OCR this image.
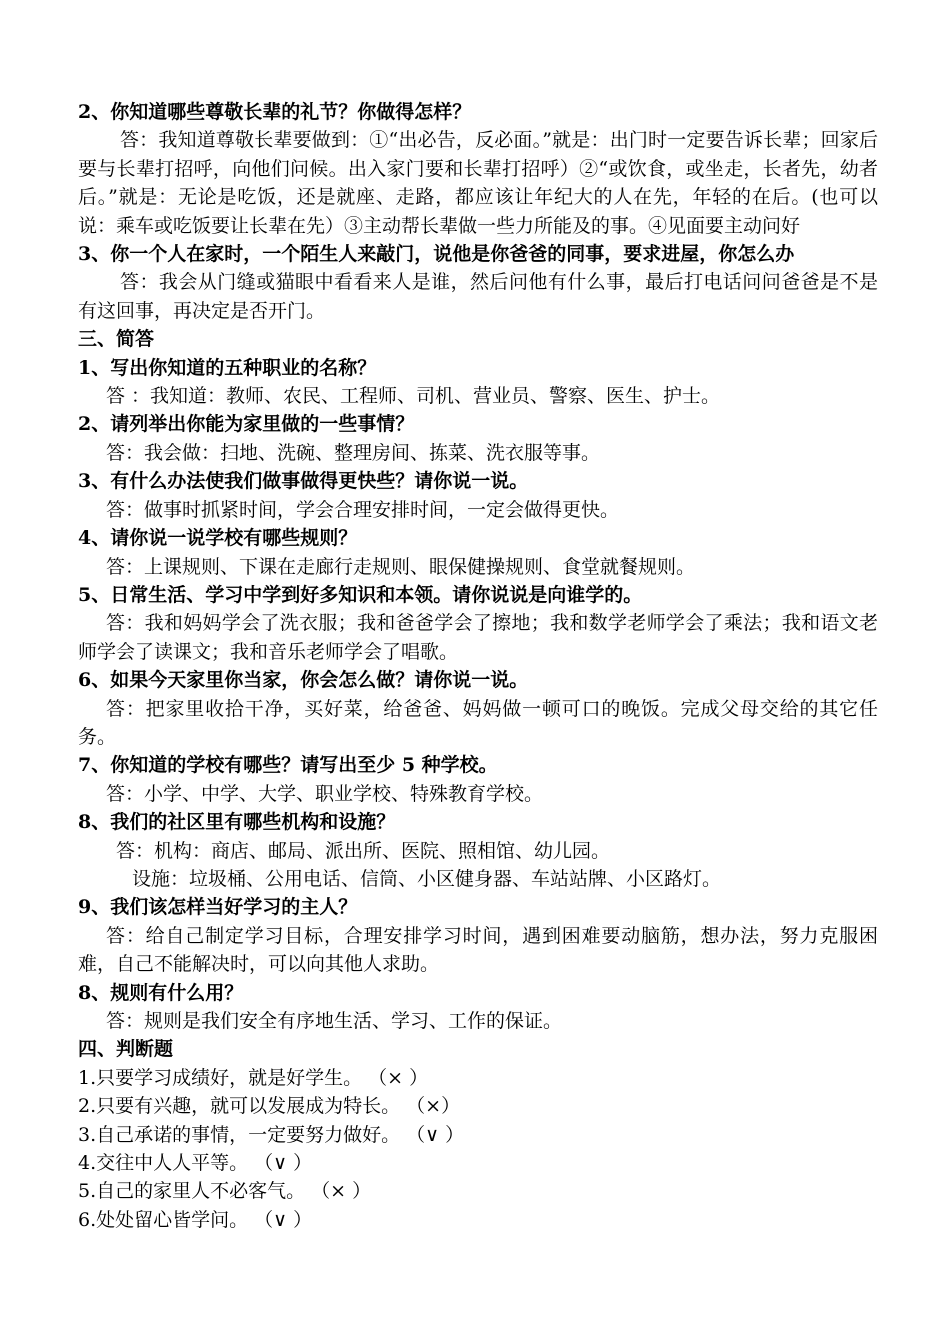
2、你知道哪些尊敬长辈的礼节？你做得怎样？
答：我知道尊敬长辈要做到：①“出必告，反必面。”就是：出门时一定要告诉长辈；回家后要与长辈打招呼，向他们问候。出入家门要和长辈打招呼）②“或饮食，或坐走，长者先，幼者后。”就是：无论是吃饭，还是就座、走路，都应该让年纪大的人在先，年轻的在后。(也可以说：乘车或吃饭要让长辈在先）③主动帮长辈做一些力所能及的事。④见面要主动问好
3、你一个人在家时，一个陌生人来敲门，说他是你爸爸的同事，要求进屋，你怎么办
答：我会从门缝或猫眼中看看来人是谁，然后问他有什么事，最后打电话问问爸爸是不是有这回事，再决定是否开门。
三、简答
1、写出你知道的五种职业的名称？
答 ：我知道：教师、农民、工程师、司机、营业员、警察、医生、护士。
2、请列举出你能为家里做的一些事情？
答：我会做：扫地、洗碗、整理房间、拣菜、洗衣服等事。
3、有什么办法使我们做事做得更快些？请你说一说。
答：做事时抓紧时间，学会合理安排时间，一定会做得更快。
4、请你说一说学校有哪些规则？
答：上课规则、下课在走廊行走规则、眼保健操规则、食堂就餐规则。
5、日常生活、学习中学到好多知识和本领。请你说说是向谁学的。
答：我和妈妈学会了洗衣服；我和爸爸学会了擦地；我和数学老师学会了乘法；我和语文老师学会了读课文；我和音乐老师学会了唱歌。
6、如果今天家里你当家，你会怎么做？请你说一说。
答：把家里收拾干净，买好菜，给爸爸、妈妈做一顿可口的晚饭。完成父母交给的其它任务。
7、你知道的学校有哪些？请写出至少 5 种学校。
答：小学、中学、大学、职业学校、特殊教育学校。
8、我们的社区里有哪些机构和设施？
答：机构：商店、邮局、派出所、医院、照相馆、幼儿园。
设施：垃圾桶、公用电话、信筒、小区健身器、车站站牌、小区路灯。
9、我们该怎样当好学习的主人？
答：给自己制定学习目标，合理安排学习时间，遇到困难要动脑筋，想办法，努力克服困难，自己不能解决时，可以向其他人求助。
8、规则有什么用？
答：规则是我们安全有序地生活、学习、工作的保证。
四、判断题
1.只要学习成绩好，就是好学生。 （× ）
2.只要有兴趣，就可以发展成为特长。 （×）
3.自己承诺的事情，一定要努力做好。 （∨ ）
4.交往中人人平等。 （∨ ）
5.自己的家里人不必客气。 （× ）
6.处处留心皆学问。 （∨ ）
